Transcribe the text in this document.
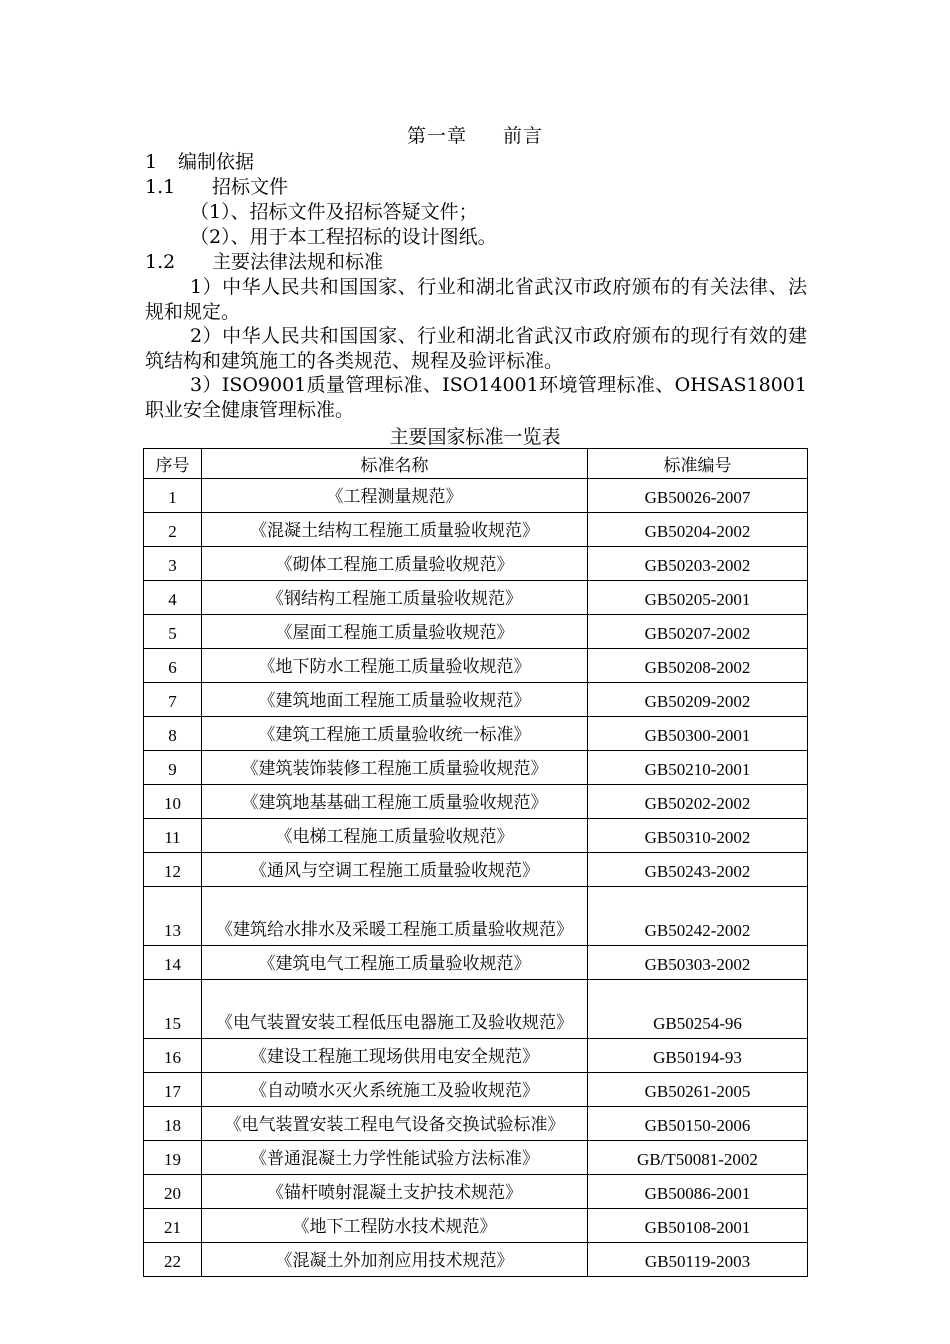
第一章 前言
1 编制依据
1.1 招标文件
（1）、招标文件及招标答疑文件；
（2）、用于本工程招标的设计图纸。
1.2 主要法律法规和标准
1）中华人民共和国国家、行业和湖北省武汉市政府颁布的有关法律、法规和规定。
2）中华人民共和国国家、行业和湖北省武汉市政府颁布的现行有效的建筑结构和建筑施工的各类规范、规程及验评标准。
3）ISO9001质量管理标准、ISO14001环境管理标准、OHSAS18001职业安全健康管理标准。
主要国家标准一览表
序号	标准名称	标准编号
1	《工程测量规范》	GB50026-2007
2	《混凝土结构工程施工质量验收规范》	GB50204-2002
3	《砌体工程施工质量验收规范》	GB50203-2002
4	《钢结构工程施工质量验收规范》	GB50205-2001
5	《屋面工程施工质量验收规范》	GB50207-2002
6	《地下防水工程施工质量验收规范》	GB50208-2002
7	《建筑地面工程施工质量验收规范》	GB50209-2002
8	《建筑工程施工质量验收统一标准》	GB50300-2001
9	《建筑装饰装修工程施工质量验收规范》	GB50210-2001
10	《建筑地基基础工程施工质量验收规范》	GB50202-2002
11	《电梯工程施工质量验收规范》	GB50310-2002
12	《通风与空调工程施工质量验收规范》	GB50243-2002
13	《建筑给水排水及采暖工程施工质量验收规范》	GB50242-2002
14	《建筑电气工程施工质量验收规范》	GB50303-2002
15	《电气装置安装工程低压电器施工及验收规范》	GB50254-96
16	《建设工程施工现场供用电安全规范》	GB50194-93
17	《自动喷水灭火系统施工及验收规范》	GB50261-2005
18	《电气装置安装工程电气设备交换试验标准》	GB50150-2006
19	《普通混凝土力学性能试验方法标准》	GB/T50081-2002
20	《锚杆喷射混凝土支护技术规范》	GB50086-2001
21	《地下工程防水技术规范》	GB50108-2001
22	《混凝土外加剂应用技术规范》	GB50119-2003
